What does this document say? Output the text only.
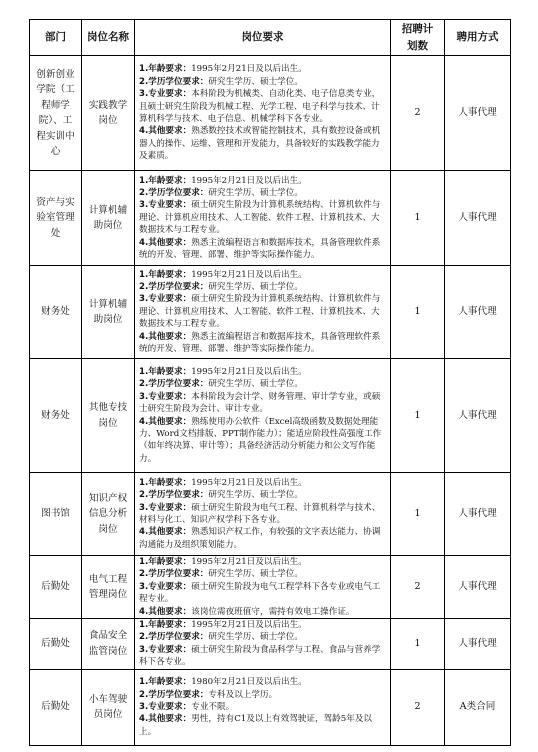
部门	岗位名称	岗位要求	招聘计划数	聘用方式
创新创业学院（工程师学院）、工程实训中心	实践教学岗位	1.年龄要求：1995年2月21日及以后出生。
2.学历学位要求：研究生学历、硕士学位。
3.专业要求：本科阶段为机械类、自动化类、电子信息类专业，且硕士研究生阶段为机械工程、光学工程、电子科学与技术、计算机科学与技术、电子信息、机械学科下各专业。
4.其他要求：熟悉数控技术或智能控制技术，具有数控设备或机器人的操作、运维、管理和开发能力，具备较好的实践教学能力及素质。	2	人事代理
资产与实验室管理处	计算机辅助岗位	1.年龄要求：1995年2月21日及以后出生。
2.学历学位要求：研究生学历、硕士学位。
3.专业要求：硕士研究生阶段为计算机系统结构、计算机软件与理论、计算机应用技术、人工智能、软件工程、计算机技术、大数据技术与工程专业。
4.其他要求：熟悉主流编程语言和数据库技术，具备管理软件系统的开发、管理、部署、维护等实际操作能力。	1	人事代理
财务处	计算机辅助岗位	1.年龄要求：1995年2月21日及以后出生。
2.学历学位要求：研究生学历、硕士学位。
3.专业要求：硕士研究生阶段为计算机系统结构、计算机软件与理论、计算机应用技术、人工智能、软件工程、计算机技术、大数据技术与工程专业。
4.其他要求：熟悉主流编程语言和数据库技术，具备管理软件系统的开发、管理、部署、维护等实际操作能力。	1	人事代理
财务处	其他专技岗位	1.年龄要求：1995年2月21日及以后出生。
2.学历学位要求：研究生学历、硕士学位。
3.专业要求：本科阶段为会计学、财务管理、审计学专业，或硕士研究生阶段为会计、审计专业。
4.其他要求：熟练使用办公软件（Excel高级函数及数据处理能力、Word文档排版、PPT制作能力）；能适应阶段性高强度工作（如年终决算、审计等）；具备经济活动分析能力和公文写作能力。	1	人事代理
图书馆	知识产权信息分析岗位	1.年龄要求：1995年2月21日及以后出生。
2.学历学位要求：研究生学历、硕士学位。
3.专业要求：硕士研究生阶段为电气工程、计算机科学与技术、材料与化工、知识产权学科下各专业。
4.其他要求：熟悉知识产权工作，有较强的文字表达能力、协调沟通能力及组织策划能力。	1	人事代理
后勤处	电气工程管理岗位	1.年龄要求：1995年2月21日及以后出生。
2.学历学位要求：研究生学历、硕士学位。
3.专业要求：硕士研究生阶段为电气工程学科下各专业或电气工程专业。
4.其他要求：该岗位需夜班值守，需持有效电工操作证。	2	人事代理
后勤处	食品安全监管岗位	1.年龄要求：1995年2月21日及以后出生。
2.学历学位要求：研究生学历、硕士学位。
3.专业要求：硕士研究生阶段为食品科学与工程、食品与营养学科下各专业。	1	人事代理
后勤处	小车驾驶员岗位	1.年龄要求：1980年2月21日及以后出生。
2.学历学位要求：专科及以上学历。
3.专业要求：专业不限。
4.其他要求：男性，持有C1及以上有效驾驶证，驾龄5年及以上。	2	A类合同
